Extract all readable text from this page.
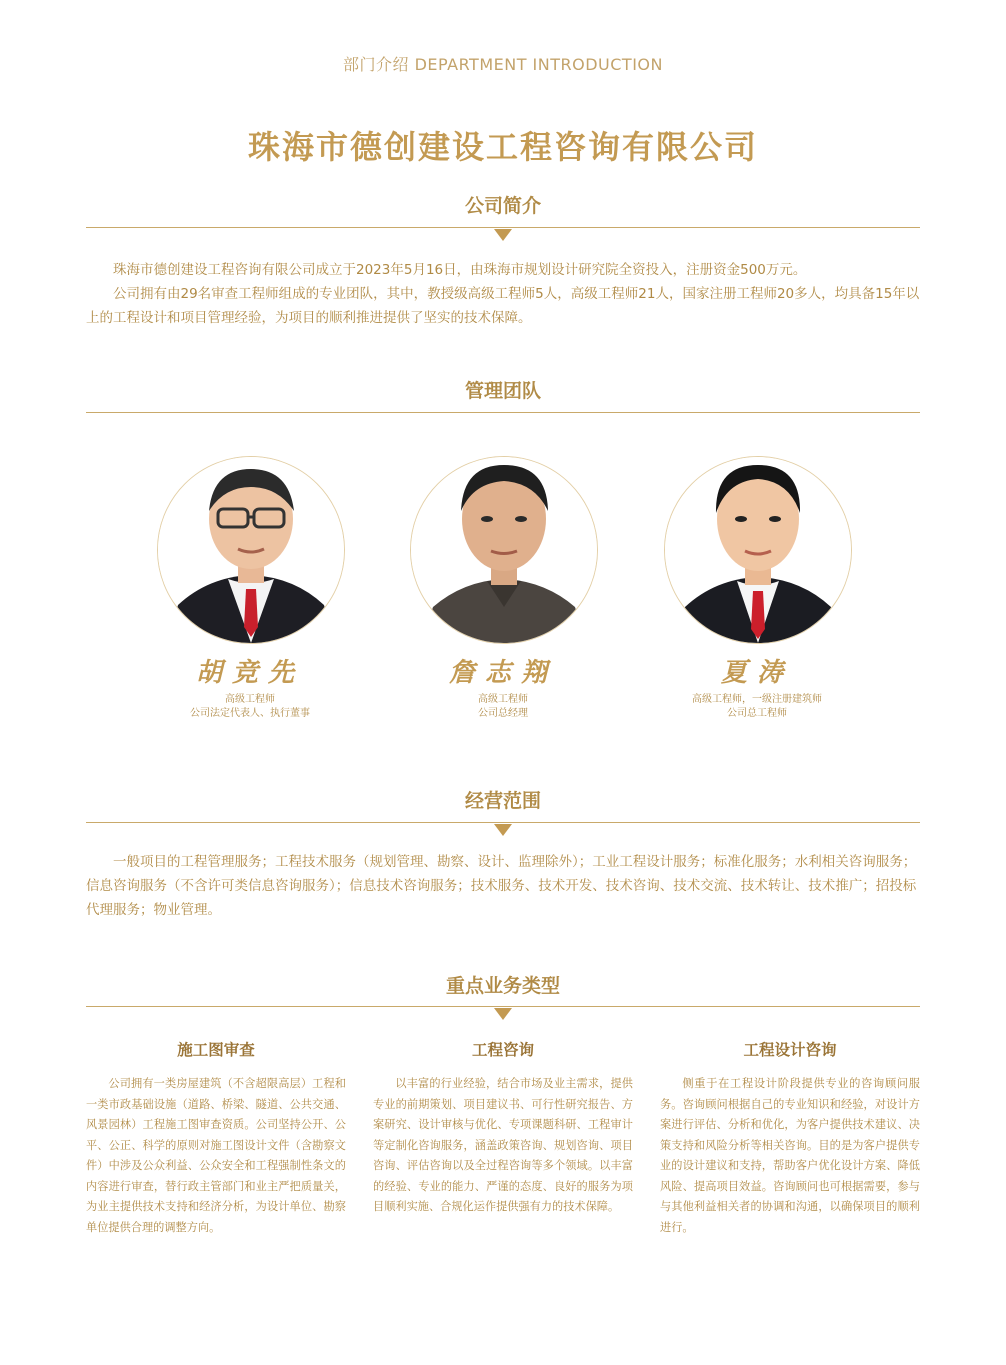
部门介绍 DEPARTMENT INTRODUCTION
珠海市德创建设工程咨询有限公司
公司简介

珠海市德创建设工程咨询有限公司成立于2023年5月16日，由珠海市规划设计研究院全资投入，注册资金500万元。

公司拥有由29名审查工程师组成的专业团队，其中，教授级高级工程师5人，高级工程师21人，国家注册工程师20多人，均具备15年以上的工程设计和项目管理经验，为项目的顺利推进提供了坚实的技术保障。

管理团队
胡竞先
高级工程师
公司法定代表人、执行董事
詹志翔
高级工程师
公司总经理
夏涛
高级工程师，一级注册建筑师
公司总工程师
经营范围

一般项目的工程管理服务；工程技术服务（规划管理、勘察、设计、监理除外）；工业工程设计服务；标准化服务；水利相关咨询服务；信息咨询服务（不含许可类信息咨询服务）；信息技术咨询服务；技术服务、技术开发、技术咨询、技术交流、技术转让、技术推广；招投标代理服务；物业管理。

重点业务类型
施工图审查

公司拥有一类房屋建筑（不含超限高层）工程和一类市政基础设施（道路、桥梁、隧道、公共交通、风景园林）工程施工图审查资质。公司坚持公开、公平、公正、科学的原则对施工图设计文件（含勘察文件）中涉及公众利益、公众安全和工程强制性条文的内容进行审查，替行政主管部门和业主严把质量关，为业主提供技术支持和经济分析，为设计单位、勘察单位提供合理的调整方向。

工程咨询

以丰富的行业经验，结合市场及业主需求，提供专业的前期策划、项目建议书、可行性研究报告、方案研究、设计审核与优化、专项课题科研、工程审计等定制化咨询服务，涵盖政策咨询、规划咨询、项目咨询、评估咨询以及全过程咨询等多个领域。以丰富的经验、专业的能力、严谨的态度、良好的服务为项目顺利实施、合规化运作提供强有力的技术保障。

工程设计咨询

侧重于在工程设计阶段提供专业的咨询顾问服务。咨询顾问根据自己的专业知识和经验，对设计方案进行评估、分析和优化，为客户提供技术建议、决策支持和风险分析等相关咨询。目的是为客户提供专业的设计建议和支持，帮助客户优化设计方案、降低风险、提高项目效益。咨询顾问也可根据需要，参与与其他利益相关者的协调和沟通，以确保项目的顺利进行。
